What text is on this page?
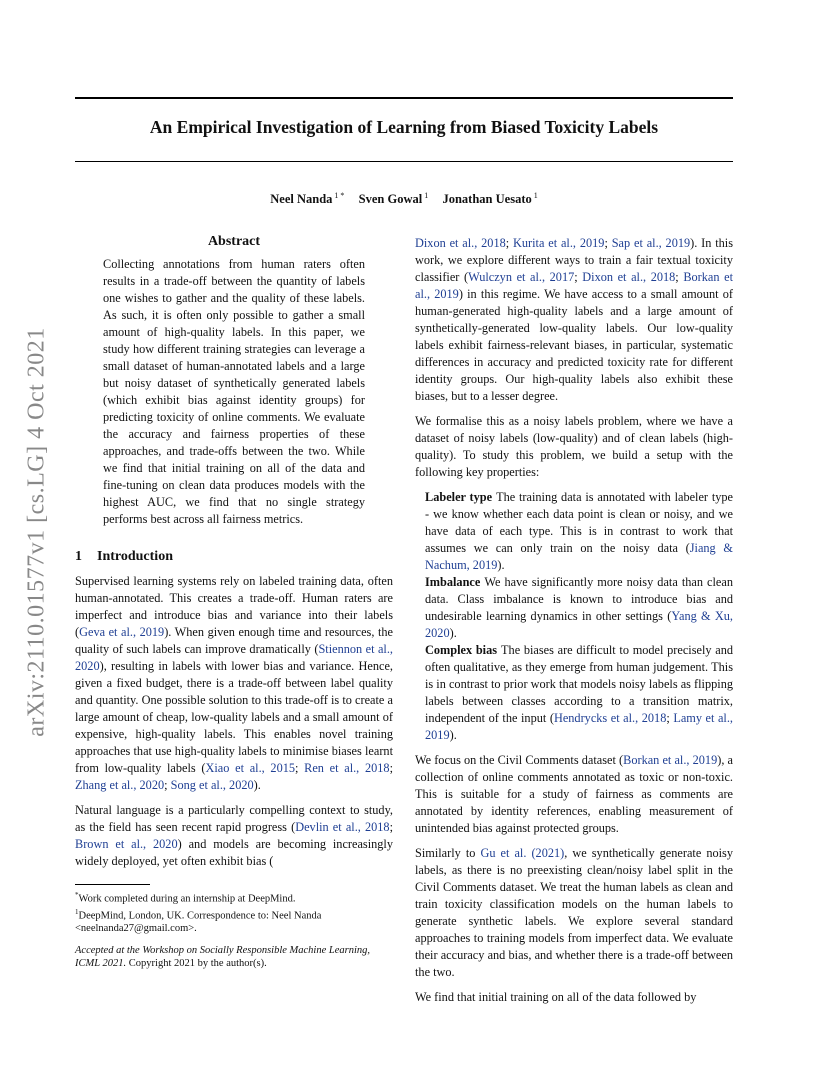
An Empirical Investigation of Learning from Biased Toxicity Labels
Neel Nanda $^{1 *}$ Sven Gowal $^1$ Jonathan Uesato $^1$
arXiv:2110.01577v1 [cs.LG] 4 Oct 2021
Abstract

Collecting annotations from human raters often results in a trade-off between the quantity of labels one wishes to gather and the quality of these labels. As such, it is often only possible to gather a small amount of high-quality labels. In this paper, we study how different training strategies can leverage a small dataset of human-annotated labels and a large but noisy dataset of synthetically generated labels (which exhibit bias against identity groups) for predicting toxicity of online comments. We evaluate the accuracy and fairness properties of these approaches, and trade-offs between the two. While we find that initial training on all of the data and fine-tuning on clean data produces models with the highest AUC, we find that no single strategy performs best across all fairness metrics.

1 Introduction

Supervised learning systems rely on labeled training data, often human-annotated. This creates a trade-off. Human raters are imperfect and introduce bias and variance into their labels (Geva et al., 2019). When given enough time and resources, the quality of such labels can improve dramatically (Stiennon et al., 2020), resulting in labels with lower bias and variance. Hence, given a fixed budget, there is a trade-off between label quality and quantity. One possible solution to this trade-off is to create a large amount of cheap, low-quality labels and a small amount of expensive, high-quality labels. This enables novel training approaches that use high-quality labels to minimise biases learnt from low-quality labels (Xiao et al., 2015; Ren et al., 2018; Zhang et al., 2020; Song et al., 2020).

Natural language is a particularly compelling context to study, as the field has seen recent rapid progress (Devlin et al., 2018; Brown et al., 2020) and models are becoming increasingly widely deployed, yet often exhibit bias (

*Work completed during an internship at DeepMind.
$^1$DeepMind, London, UK. Correspondence to: Neel Nanda <neelnanda27@gmail.com>.
Accepted at the Workshop on Socially Responsible Machine Learning, ICML 2021. Copyright 2021 by the author(s).

Dixon et al., 2018; Kurita et al., 2019; Sap et al., 2019). In this work, we explore different ways to train a fair textual toxicity classifier (Wulczyn et al., 2017; Dixon et al., 2018; Borkan et al., 2019) in this regime. We have access to a small amount of human-generated high-quality labels and a large amount of synthetically-generated low-quality labels. Our low-quality labels exhibit fairness-relevant biases, in particular, systematic differences in accuracy and predicted toxicity rate for different identity groups. Our high-quality labels also exhibit these biases, but to a lesser degree.

We formalise this as a noisy labels problem, where we have a dataset of noisy labels (low-quality) and of clean labels (high-quality). To study this problem, we build a setup with the following key properties:

Labeler type The training data is annotated with labeler type - we know whether each data point is clean or noisy, and we have data of each type. This is in contrast to work that assumes we can only train on the noisy data (Jiang & Nachum, 2019).
Imbalance We have significantly more noisy data than clean data. Class imbalance is known to introduce bias and undesirable learning dynamics in other settings (Yang & Xu, 2020).
Complex bias The biases are difficult to model precisely and often qualitative, as they emerge from human judgement. This is in contrast to prior work that models noisy labels as flipping labels between classes according to a transition matrix, independent of the input (Hendrycks et al., 2018; Lamy et al., 2019).

We focus on the Civil Comments dataset (Borkan et al., 2019), a collection of online comments annotated as toxic or non-toxic. This is suitable for a study of fairness as comments are annotated by identity references, enabling measurement of unintended bias against protected groups.

Similarly to Gu et al. (2021), we synthetically generate noisy labels, as there is no preexisting clean/noisy label split in the Civil Comments dataset. We treat the human labels as clean and train toxicity classification models on the human labels to generate synthetic labels. We explore several standard approaches to training models from imperfect data. We evaluate their accuracy and bias, and whether there is a trade-off between the two.

We find that initial training on all of the data followed by
